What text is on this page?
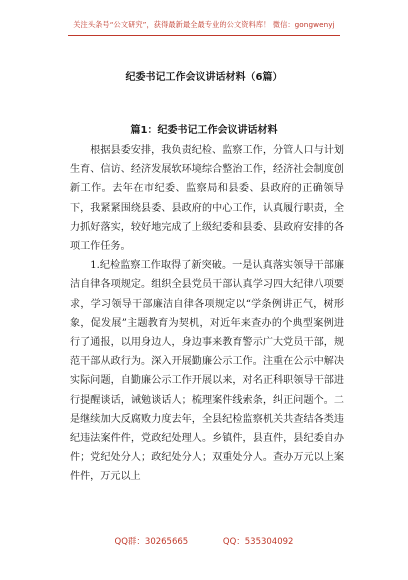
关注头条号“公文研究”，获得最新最全最专业的公文资料库！ 微信：gongwenyj
纪委书记工作会议讲话材料（6篇）
篇1：纪委书记工作会议讲话材料

根据县委安排，我负责纪检、监察工作，分管人口与计划生育、信访、经济发展软环境综合整治工作，经济社会制度创新工作。去年在市纪委、监察局和县委、县政府的正确领导下，我紧紧围绕县委、县政府的中心工作，认真履行职责，全力抓好落实，较好地完成了上级纪委和县委、县政府安排的各项工作任务。

1.纪检监察工作取得了新突破。一是认真落实领导干部廉洁自律各项规定。组织全县党员干部认真学习四大纪律八项要求，学习领导干部廉洁自律各项规定以“学条例讲正气，树形象，促发展”主题教育为契机，对近年来查办的个典型案例进行了通报，以用身边人，身边事来教育警示广大党员干部，规范干部从政行为。深入开展勤廉公示工作。注重在公示中解决实际问题，自勤廉公示工作开展以来，对名正科职领导干部进行提醒谈话，诫勉谈话人；梳理案件线索条，纠正问题个。二是继续加大反腐败力度去年，全县纪检监察机关共查结各类违纪违法案件件，党政纪处理人。乡镇件，县直件，县纪委自办件；党纪处分人；政纪处分人；双重处分人。查办万元以上案件件，万元以上

QQ群：30265665	QQ：535304092
